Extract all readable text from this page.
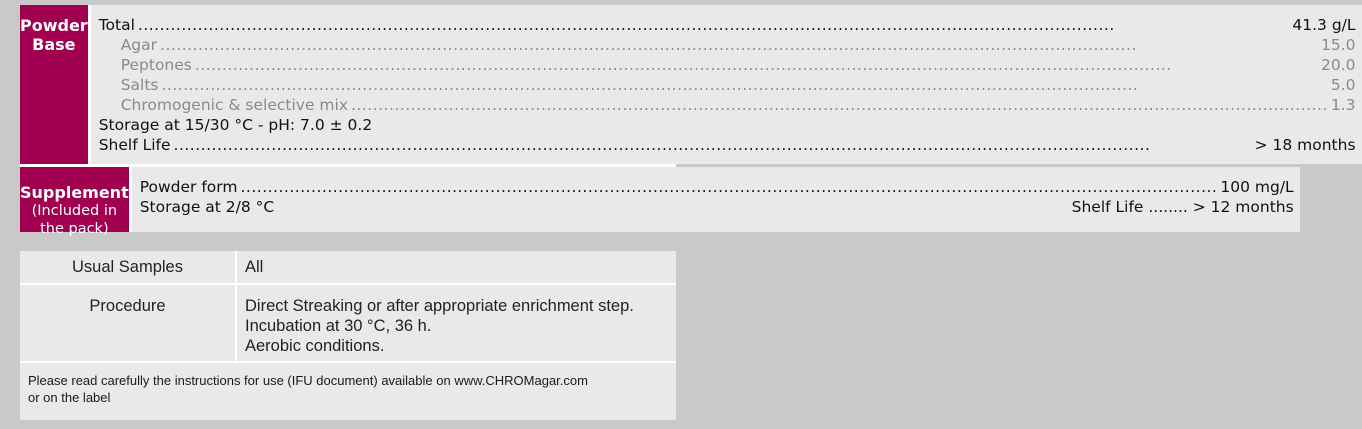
Powder Base
Total .....	41.3 g/L
Agar .....	15.0
Peptones .....	20.0
Salts .....	5.0
Chromogenic & selective mix .....	1.3
Storage at 15/30 °C - pH: 7.0 ± 0.2
Shelf Life .....	> 18 months
Supplement
(Included in the pack)
Powder form .....	100 mg/L
Storage at 2/8 °C	Shelf Life ........ > 12 months
Usual Samples	All
Procedure	Direct Streaking or after appropriate enrichment step.
Incubation at 30 °C, 36 h.
Aerobic conditions.
Please read carefully the instructions for use (IFU document) available on www.CHROMagar.com
or on the label
